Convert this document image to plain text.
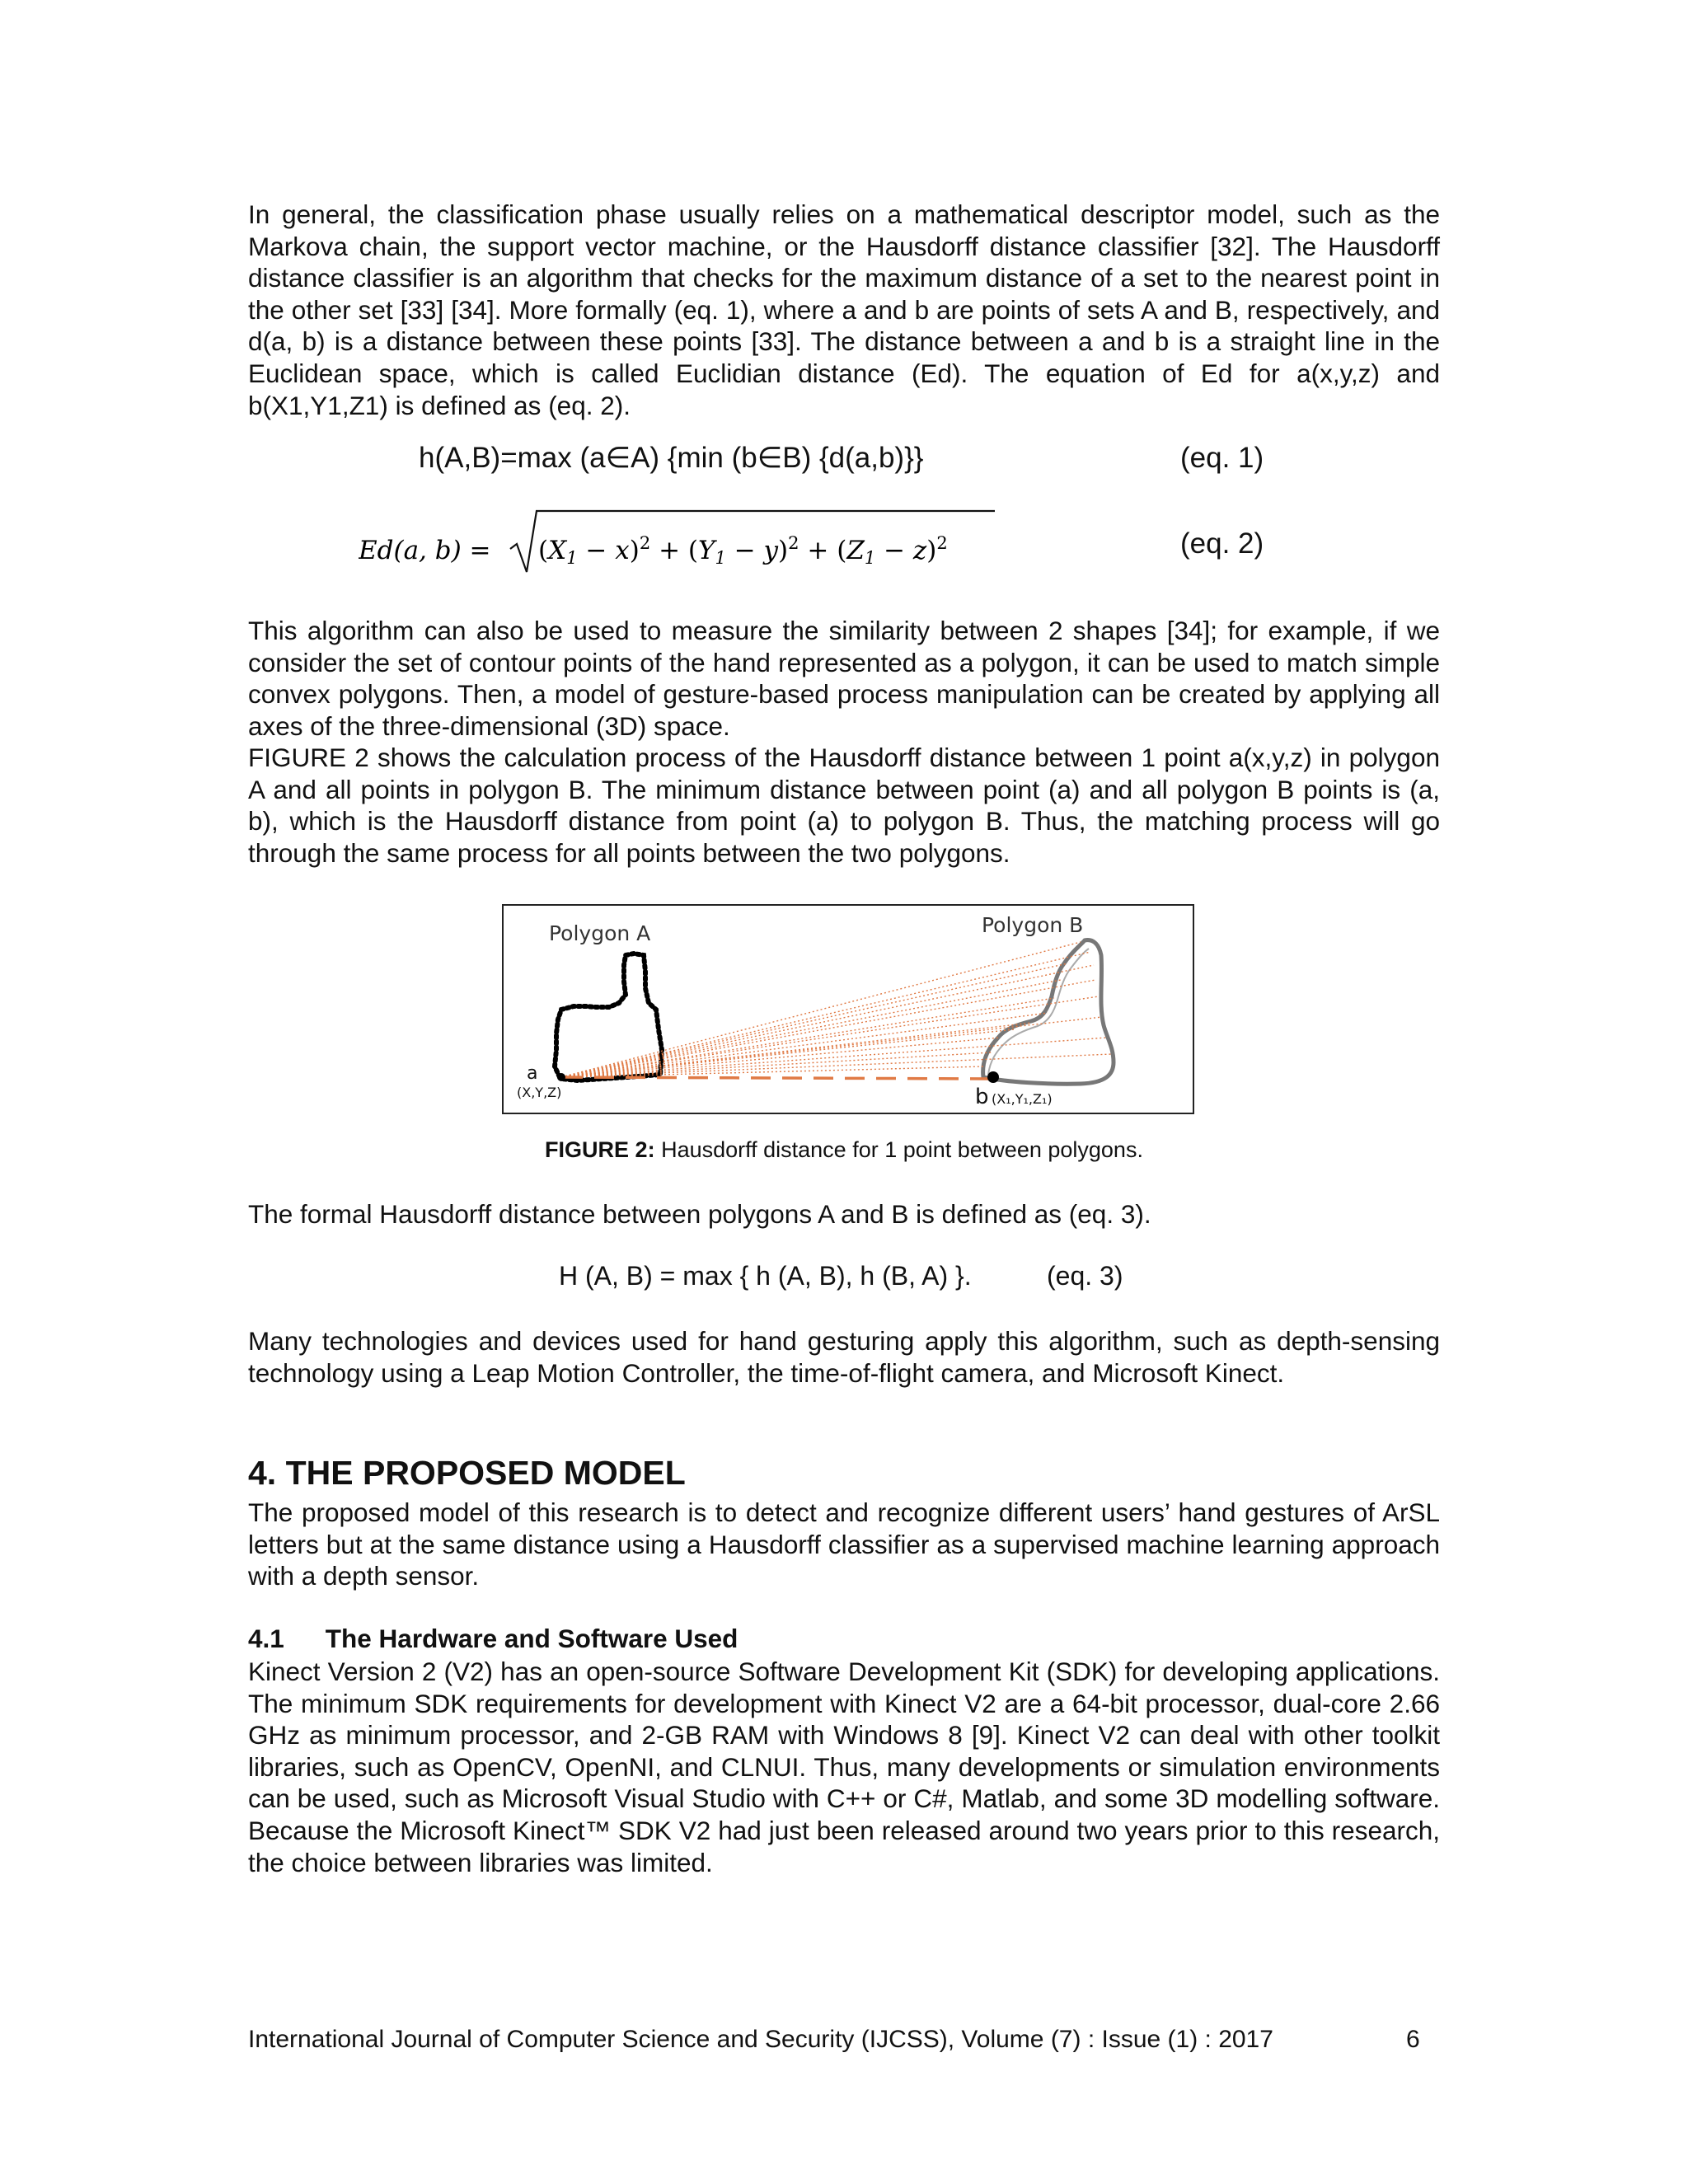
In general, the classification phase usually relies on a mathematical descriptor model, such as the Markova chain, the support vector machine, or the Hausdorff distance classifier [32]. The Hausdorff distance classifier is an algorithm that checks for the maximum distance of a set to the nearest point in the other set [33] [34]. More formally (eq. 1), where a and b are points of sets A and B, respectively, and d(a, b) is a distance between these points [33]. The distance between a and b is a straight line in the Euclidean space, which is called Euclidian distance (Ed). The equation of Ed for a(x,y,z) and b(X1,Y1,Z1) is defined as (eq. 2).

h(A,B)=max (a∈A) {min (b∈B) {d(a,b)}}	(eq. 1)
Ed(a, $b) = (X1 - x)^2 + (Y1 - y)^2 + (Z1 - z)^2$	(eq. 2)

This algorithm can also be used to measure the similarity between 2 shapes [34]; for example, if we consider the set of contour points of the hand represented as a polygon, it can be used to match simple convex polygons. Then, a model of gesture-based process manipulation can be created by applying all axes of the three-dimensional (3D) space.

FIGURE 2 shows the calculation process of the Hausdorff distance between 1 point a(x,y,z) in polygon A and all points in polygon B. The minimum distance between point (a) and all polygon B points is (a, b), which is the Hausdorff distance from point (a) to polygon B. Thus, the matching process will go through the same process for all points between the two polygons.

Polygon A	Polygon B
a
(X,Y,Z)	b (X₁,Y₁,Z₁)
FIGURE 2: Hausdorff distance for 1 point between polygons.

The formal Hausdorff distance between polygons A and B is defined as (eq. 3).

H (A, B) = max { h (A, B), h (B, A) }.	(eq. 3)

Many technologies and devices used for hand gesturing apply this algorithm, such as depth-sensing technology using a Leap Motion Controller, the time-of-flight camera, and Microsoft Kinect.

4. THE PROPOSED MODEL

The proposed model of this research is to detect and recognize different users’ hand gestures of ArSL letters but at the same distance using a Hausdorff classifier as a supervised machine learning approach with a depth sensor.

4.1 The Hardware and Software Used

Kinect Version 2 (V2) has an open-source Software Development Kit (SDK) for developing applications. The minimum SDK requirements for development with Kinect V2 are a 64-bit processor, dual-core 2.66 GHz as minimum processor, and 2-GB RAM with Windows 8 [9]. Kinect V2 can deal with other toolkit libraries, such as OpenCV, OpenNI, and CLNUI. Thus, many developments or simulation environments can be used, such as Microsoft Visual Studio with C++ or C#, Matlab, and some 3D modelling software. Because the Microsoft Kinect™ SDK V2 had just been released around two years prior to this research, the choice between libraries was limited.

International Journal of Computer Science and Security (IJCSS), Volume (7) : Issue (1) : 2017	6
